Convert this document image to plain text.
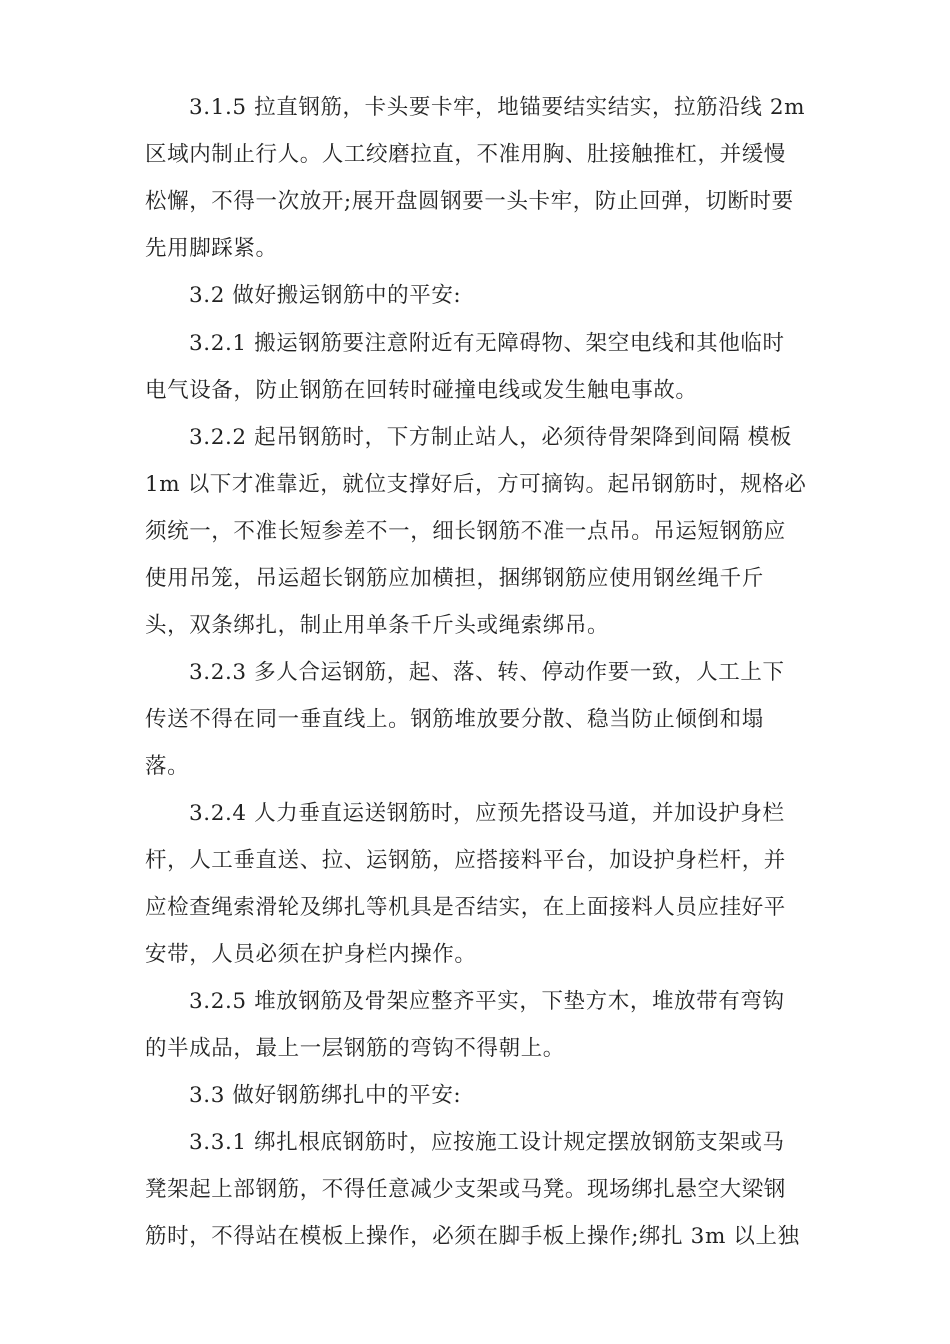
3.1.5 拉直钢筋，卡头要卡牢，地锚要结实结实，拉筋沿线 2m
区域内制止行人。人工绞磨拉直，不准用胸、肚接触推杠，并缓慢
松懈，不得一次放开;展开盘圆钢要一头卡牢，防止回弹，切断时要
先用脚踩紧。
3.2 做好搬运钢筋中的平安:
3.2.1 搬运钢筋要注意附近有无障碍物、架空电线和其他临时
电气设备，防止钢筋在回转时碰撞电线或发生触电事故。
3.2.2 起吊钢筋时，下方制止站人，必须待骨架降到间隔 模板
1m 以下才准靠近，就位支撑好后，方可摘钩。起吊钢筋时，规格必
须统一，不准长短参差不一，细长钢筋不准一点吊。吊运短钢筋应
使用吊笼，吊运超长钢筋应加横担，捆绑钢筋应使用钢丝绳千斤
头，双条绑扎，制止用单条千斤头或绳索绑吊。
3.2.3 多人合运钢筋，起、落、转、停动作要一致，人工上下
传送不得在同一垂直线上。钢筋堆放要分散、稳当防止倾倒和塌
落。
3.2.4 人力垂直运送钢筋时，应预先搭设马道，并加设护身栏
杆，人工垂直送、拉、运钢筋，应搭接料平台，加设护身栏杆，并
应检查绳索滑轮及绑扎等机具是否结实，在上面接料人员应挂好平
安带，人员必须在护身栏内操作。
3.2.5 堆放钢筋及骨架应整齐平实，下垫方木，堆放带有弯钩
的半成品，最上一层钢筋的弯钩不得朝上。
3.3 做好钢筋绑扎中的平安:
3.3.1 绑扎根底钢筋时，应按施工设计规定摆放钢筋支架或马
凳架起上部钢筋，不得任意减少支架或马凳。现场绑扎悬空大梁钢
筋时，不得站在模板上操作，必须在脚手板上操作;绑扎 3m 以上独
